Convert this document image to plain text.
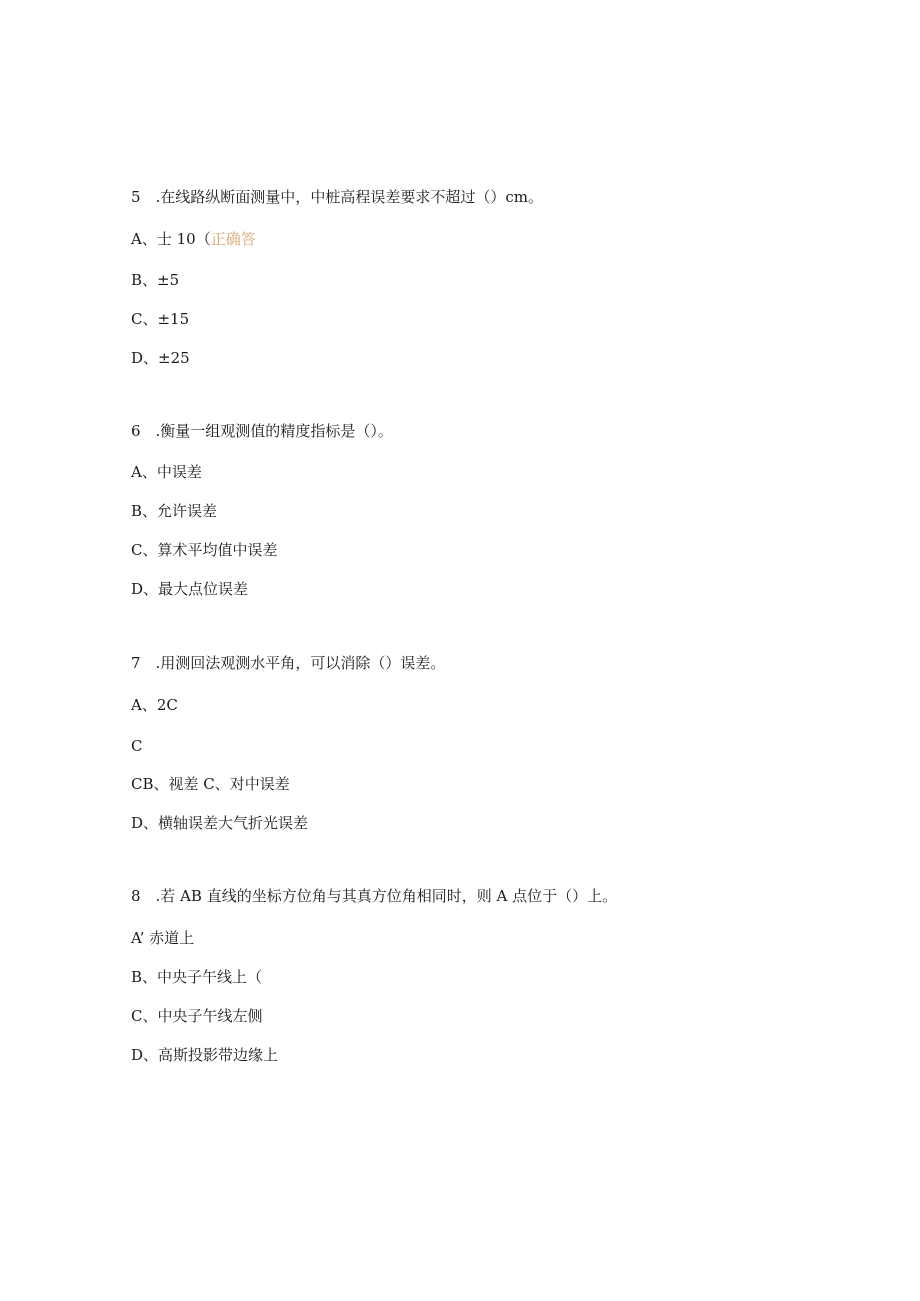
5　.在线路纵断面测量中，中桩高程误差要求不超过（）cm。
A、士 10（正确答
B、±5
C、±15
D、±25
6　.衡量一组观测值的精度指标是（）。
A、中误差
B、允许误差
C、算术平均值中误差
D、最大点位误差
7　.用测回法观测水平角，可以消除（）误差。
A、2C
C
CB、视差 C、对中误差
D、横轴误差大气折光误差
8　.若 AB 直线的坐标方位角与其真方位角相同时，则 A 点位于（）上。
A’ 赤道上
B、中央子午线上（
C、中央子午线左侧
D、高斯投影带边缘上
